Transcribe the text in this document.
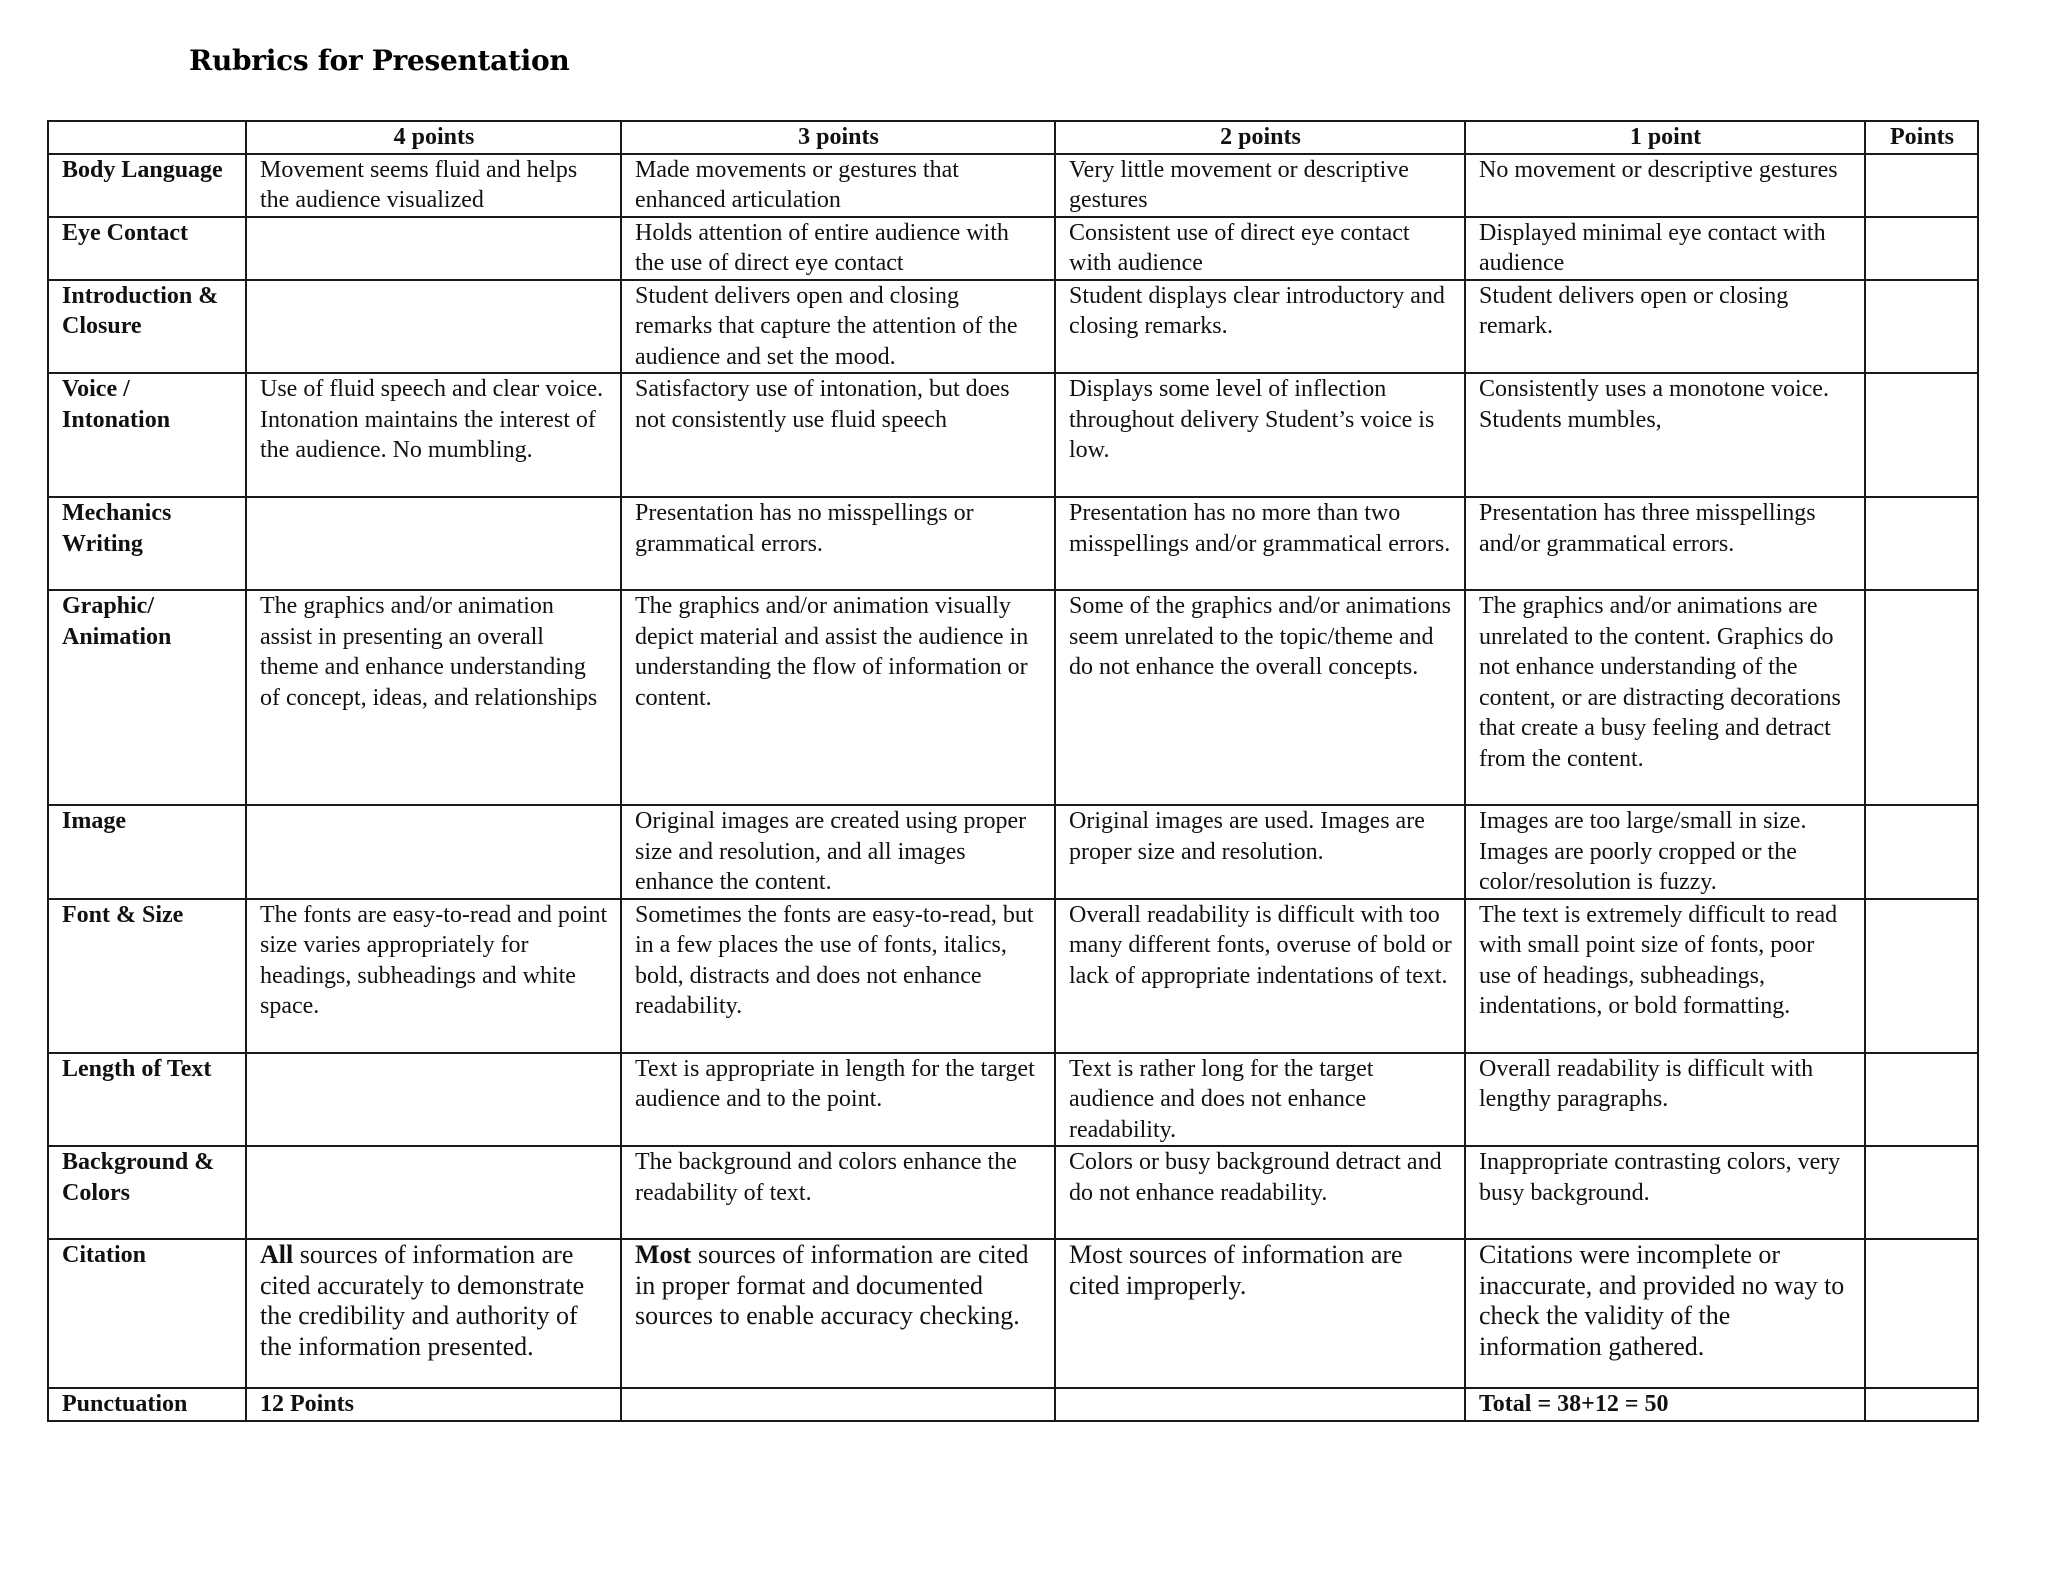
Rubrics for Presentation
	4 points	3 points	2 points	1 point	Points
Body Language	Movement seems fluid and helps the audience visualized	Made movements or gestures that enhanced articulation	Very little movement or descriptive gestures	No movement or descriptive gestures	
Eye Contact		Holds attention of entire audience with the use of direct eye contact	Consistent use of direct eye contact with audience	Displayed minimal eye contact with audience	
Introduction & Closure		Student delivers open and closing remarks that capture the attention of the audience and set the mood.	Student displays clear introductory and closing remarks.	Student delivers open or closing remark.	
Voice / Intonation	Use of fluid speech and clear voice. Intonation maintains the interest of the audience. No mumbling.	Satisfactory use of intonation, but does not consistently use fluid speech	Displays some level of inflection throughout delivery Student’s voice is low.	Consistently uses a monotone voice. Students mumbles,	
Mechanics Writing		Presentation has no misspellings or grammatical errors.	Presentation has no more than two misspellings and/or grammatical errors.	Presentation has three misspellings and/or grammatical errors.	
Graphic/ Animation	The graphics and/or animation assist in presenting an overall theme and enhance understanding of concept, ideas, and relationships	The graphics and/or animation visually depict material and assist the audience in understanding the flow of information or content.	Some of the graphics and/or animations seem unrelated to the topic/theme and do not enhance the overall concepts.	The graphics and/or animations are unrelated to the content. Graphics do not enhance understanding of the content, or are distracting decorations that create a busy feeling and detract from the content.	
Image		Original images are created using proper size and resolution, and all images enhance the content.	Original images are used. Images are proper size and resolution.	Images are too large/small in size. Images are poorly cropped or the color/resolution is fuzzy.	
Font & Size	The fonts are easy-to-read and point size varies appropriately for headings, subheadings and white space.	Sometimes the fonts are easy-to-read, but in a few places the use of fonts, italics, bold, distracts and does not enhance readability.	Overall readability is difficult with too many different fonts, overuse of bold or lack of appropriate indentations of text.	The text is extremely difficult to read with small point size of fonts, poor use of headings, subheadings, indentations, or bold formatting.	
Length of Text		Text is appropriate in length for the target audience and to the point.	Text is rather long for the target audience and does not enhance readability.	Overall readability is difficult with lengthy paragraphs.	
Background & Colors		The background and colors enhance the readability of text.	Colors or busy background detract and do not enhance readability.	Inappropriate contrasting colors, very busy background.	
Citation	All sources of information are cited accurately to demonstrate the credibility and authority of the information presented.	Most sources of information are cited in proper format and documented sources to enable accuracy checking.	Most sources of information are cited improperly.	Citations were incomplete or inaccurate, and provided no way to check the validity of the information gathered.	
Punctuation	12 Points			Total = 38+12 = 50	
